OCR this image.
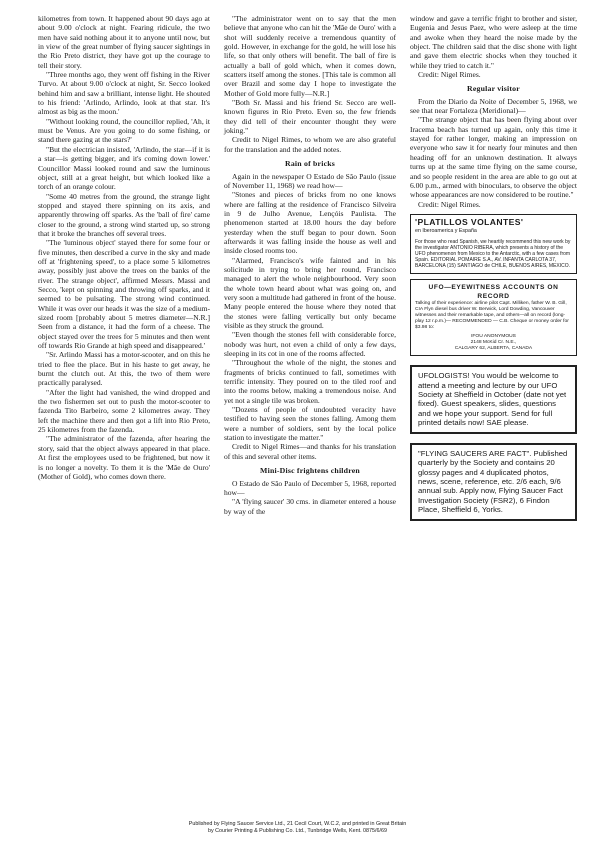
kilometres from town. It happened about 90 days ago at about 9.00 o'clock at night. Fearing ridicule, the two men have said nothing about it to anyone until now, but in view of the great number of flying saucer sightings in the Rio Preto district, they have got up the courage to tell their story.

"Three months ago, they went off fishing in the River Turvo. At about 9.00 o'clock at night, Sr. Secco looked behind him and saw a brilliant, intense light. He shouted to his friend: 'Arlindo, Arlindo, look at that star. It's almost as big as the moon.'

"Without looking round, the councillor replied, 'Ah, it must be Venus. Are you going to do some fishing, or stand there gazing at the stars?'

"But the electrician insisted, 'Arlindo, the star—if it is a star—is getting bigger, and it's coming down lower.' Councillor Massi looked round and saw the luminous object, still at a great height, but which looked like a torch of an orange colour.

"Some 40 metres from the ground, the strange light stopped and stayed there spinning on its axis, and apparently throwing off sparks. As the 'ball of fire' came closer to the ground, a strong wind started up, so strong that it broke the branches off several trees.

"The 'luminous object' stayed there for some four or five minutes, then described a curve in the sky and made off at 'frightening speed', to a place some 5 kilometres away, possibly just above the trees on the banks of the river. The strange object', affirmed Messrs. Massi and Secco, 'kept on spinning and throwing off sparks, and it seemed to be pulsating. The strong wind continued. While it was over our heads it was the size of a medium-sized room [probably about 5 metres diameter—N.R.] Seen from a distance, it had the form of a cheese. The object stayed over the trees for 5 minutes and then went off towards Rio Grande at high speed and disappeared.'

"Sr. Arlindo Massi has a motor-scooter, and on this he tried to flee the place. But in his haste to get away, he burnt the clutch out. At this, the two of them were practically paralysed.

"After the light had vanished, the wind dropped and the two fishermen set out to push the motor-scooter to fazenda Tito Barbeiro, some 2 kilometres away. They left the machine there and then got a lift into Rio Preto, 25 kilometres from the fazenda.

"The administrator of the fazenda, after hearing the story, said that the object always appeared in that place. At first the employees used to be frightened, but now it is no longer a novelty. To them it is the 'Mãe de Ouro' (Mother of Gold), who comes down there.

"The administrator went on to say that the men believe that anyone who can hit the 'Mãe de Ouro' with a shot will suddenly receive a tremendous quantity of gold. However, in exchange for the gold, he will lose his life, so that only others will benefit. The ball of fire is actually a ball of gold which, when it comes down, scatters itself among the stones. [This tale is common all over Brazil and some day I hope to investigate the Mother of Gold more fully—N.R.]

"Both Sr. Massi and his friend Sr. Secco are well-known figures in Rio Preto. Even so, the few friends they did tell of their encounter thought they were joking."

Credit to Nigel Rimes, to whom we are also grateful for the translation and the added notes.

Rain of bricks

Again in the newspaper O Estado de São Paulo (issue of November 11, 1968) we read how—

"Stones and pieces of bricks from no one knows where are falling at the residence of Francisco Silveira in 9 de Julho Avenue, Lençóis Paulista. The phenomenon started at 18.00 hours the day before yesterday when the stuff began to pour down. Soon afterwards it was falling inside the house as well and inside closed rooms too.

"Alarmed, Francisco's wife fainted and in his solicitude in trying to bring her round, Francisco managed to alert the whole neighbourhood. Very soon the whole town heard about what was going on, and very soon a multitude had gathered in front of the house. Many people entered the house where they noted that the stones were falling vertically but only became visible as they struck the ground.

"Even though the stones fell with considerable force, nobody was hurt, not even a child of only a few days, sleeping in its cot in one of the rooms affected.

"Throughout the whole of the night, the stones and fragments of bricks continued to fall, sometimes with terrific intensity. They poured on to the tiled roof and into the rooms below, making a tremendous noise. And yet not a single tile was broken.

"Dozens of people of undoubted veracity have testified to having seen the stones falling. Among them were a number of soldiers, sent by the local police station to investigate the matter."

Credit to Nigel Rimes—and thanks for his translation of this and several other items.

Mini-Disc frightens children

O Estado de São Paulo of December 5, 1968, reported how—

"A 'flying saucer' 30 cms. in diameter entered a house by way of the

window and gave a terrific fright to brother and sister, Eugenia and Jesus Paez, who were asleep at the time and awoke when they heard the noise made by the object. The children said that the disc shone with light and gave them electric shocks when they touched it while they tried to catch it."

Credit: Nigel Rimes.

Regular visitor

From the Diario da Noite of December 5, 1968, we see that near Fortaleza (Meridional)—

"The strange object that has been flying about over Iracema beach has turned up again, only this time it stayed for rather longer, making an impression on everyone who saw it for nearly four minutes and then heading off for an unknown destination. It always turns up at the same time flying on the same course, and so people resident in the area are able to go out at 6.00 p.m., armed with binoculars, to observe the object whose appearances are now considered to be routine."

Credit: Nigel Rimes.

'PLATILLOS VOLANTES'
en Iberoamerica y España
For those who read Spanish, we heartily recommend this new work by the investigator ANTONIO RIBERA, which presents a history of the UFO phenomenon from Mexico to the Antarctic, with a few cases from Spain. EDITORIAL POMAIRE S.A., AV. INFANTA CARLOTA 37, BARCELONA (15) SANTIAGO de CHILE, BUENOS AIRES, MEXICO.
UFO—EYEWITNESS ACCOUNTS ON RECORD
Talking of their experience: airline pilot Capt. Milliken, father W. B. Gill, CIA Flyn diesel bus driver W. Berwick, Lord Dowding, Vancouver witnesses and their remarkable tape, and others—all on record (long-play 12 r.p.m.)— RECOMMENDED — C.B. Cheque or money order for $3.98 to:
IFOU ANONYMOUS
2148 McKid Cr. N.E.,
CALGARY 62, ALBERTA, CANADA
UFOLOGISTS! You would be welcome to attend a meeting and lecture by our UFO Society at Sheffield in October (date not yet fixed). Guest speakers, slides, questions and we hope your support. Send for full printed details now! SAE please.
"FLYING SAUCERS ARE FACT". Published quarterly by the Society and contains 20 glossy pages and 4 duplicated photos, news, scene, reference, etc. 2/6 each, 9/6 annual sub. Apply now, Flying Saucer Fact Investigation Society (FSR2), 6 Findon Place, Sheffield 6, Yorks.
Published by Flying Saucer Service Ltd., 21 Cecil Court, W.C.2, and printed in Great Britain
by Courier Printing & Publishing Co. Ltd., Tunbridge Wells, Kent. 0875/6/69
